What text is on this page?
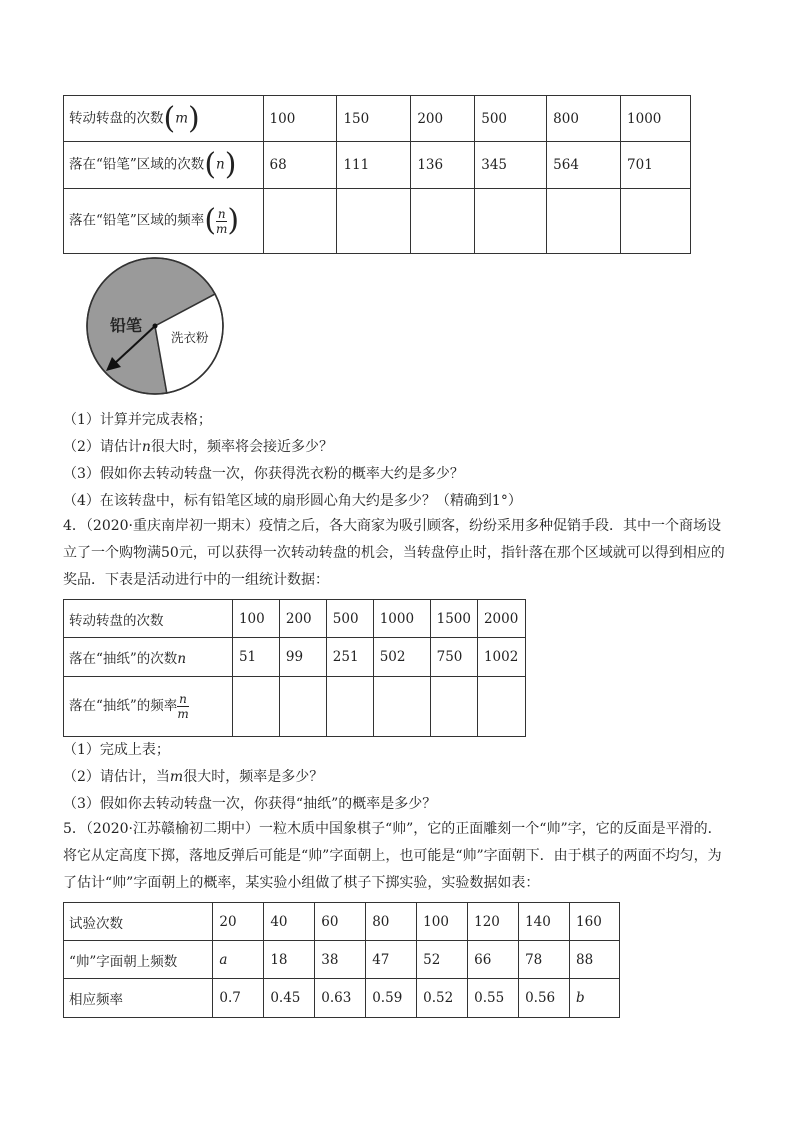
转动转盘的次数(m)	100	150	200	500	800	1000
落在“铅笔”区域的次数(n)	68	111	136	345	564	701
落在“铅笔”区域的频率( $\frac{n}{m}$ )						
铅笔
洗衣粉
（1）计算并完成表格；
（2）请估计n很大时，频率将会接近多少？
（3）假如你去转动转盘一次，你获得洗衣粉的概率大约是多少？
（4）在该转盘中，标有铅笔区域的扇形圆心角大约是多少？（精确到1°）
4．（2020·重庆南岸初一期末）疫情之后，各大商家为吸引顾客，纷纷采用多种促销手段．其中一个商场设立了一个购物满50元，可以获得一次转动转盘的机会，当转盘停止时，指针落在那个区域就可以得到相应的奖品．下表是活动进行中的一组统计数据：
转动转盘的次数	100	200	500	1000	1500	2000
落在“抽纸”的次数n	51	99	251	502	750	1002
落在“抽纸”的频率 $\frac{n}{m}$

（1）完成上表；
（2）请估计，当m很大时，频率是多少？
（3）假如你去转动转盘一次，你获得“抽纸”的概率是多少？
5．（2020·江苏赣榆初二期中）一粒木质中国象棋子“帅”，它的正面雕刻一个“帅”字，它的反面是平滑的．将它从定高度下掷，落地反弹后可能是“帅”字面朝上，也可能是“帅”字面朝下．由于棋子的两面不均匀，为了估计“帅”字面朝上的概率，某实验小组做了棋子下掷实验，实验数据如表：
试验次数	20	40	60	80	100	120	140	160
“帅”字面朝上频数	a	18	38	47	52	66	78	88
相应频率	0.7	0.45	0.63	0.59	0.52	0.55	0.56	b
